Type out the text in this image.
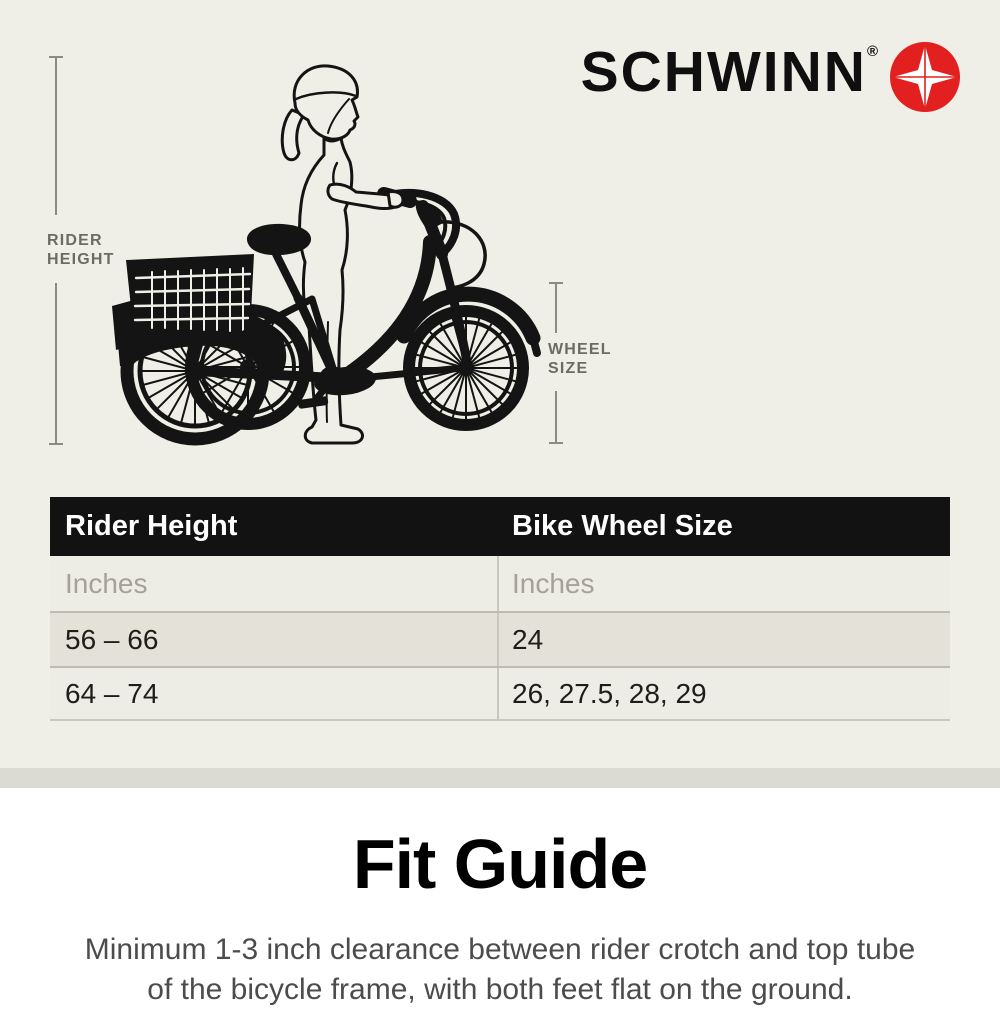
SCHWINN®
RIDER
HEIGHT
WHEEL
SIZE
Rider Height	Bike Wheel Size
Inches	Inches
56 – 66	24
64 – 74	26, 27.5, 28, 29
Fit Guide

Minimum 1-3 inch clearance between rider crotch and top tube
of the bicycle frame, with both feet flat on the ground.
